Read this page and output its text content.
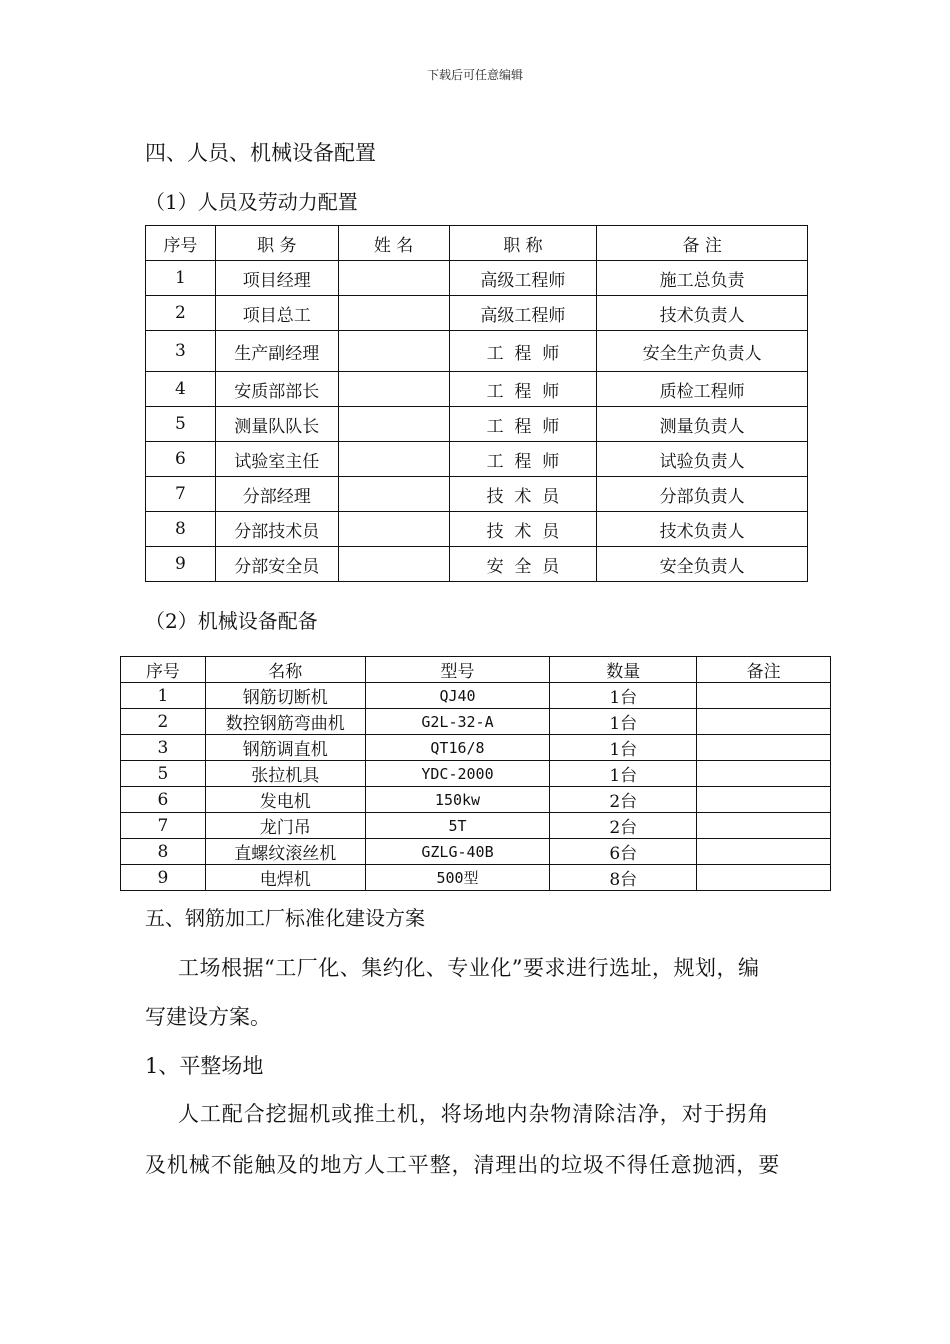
下载后可任意编辑
四、人员、机械设备配置
（1）人员及劳动力配置
序号	职 务	姓 名	职 称	备 注
1	项目经理		高级工程师	施工总负责
2	项目总工		高级工程师	技术负责人
3	生产副经理		工  程  师	安全生产负责人
4	安质部部长		工  程  师	质检工程师
5	测量队队长		工  程  师	测量负责人
6	试验室主任		工  程  师	试验负责人
7	分部经理		技  术  员	分部负责人
8	分部技术员		技  术  员	技术负责人
9	分部安全员		安  全  员	安全负责人
（2）机械设备配备
序号	名称	型号	数量	备注
1	钢筋切断机	QJ40	1台	
2	数控钢筋弯曲机	G2L-32-A	1台	
3	钢筋调直机	QT16/8	1台	
5	张拉机具	YDC-2000	1台	
6	发电机	150kw	2台	
7	龙门吊	5T	2台	
8	直螺纹滚丝机	GZLG-40B	6台	
9	电焊机	500型	8台	
五、钢筋加工厂标准化建设方案
工场根据“工厂化、集约化、专业化”要求进行选址，规划，编
写建设方案。
1、平整场地
人工配合挖掘机或推土机，将场地内杂物清除洁净，对于拐角
及机械不能触及的地方人工平整，清理出的垃圾不得任意抛洒，要
